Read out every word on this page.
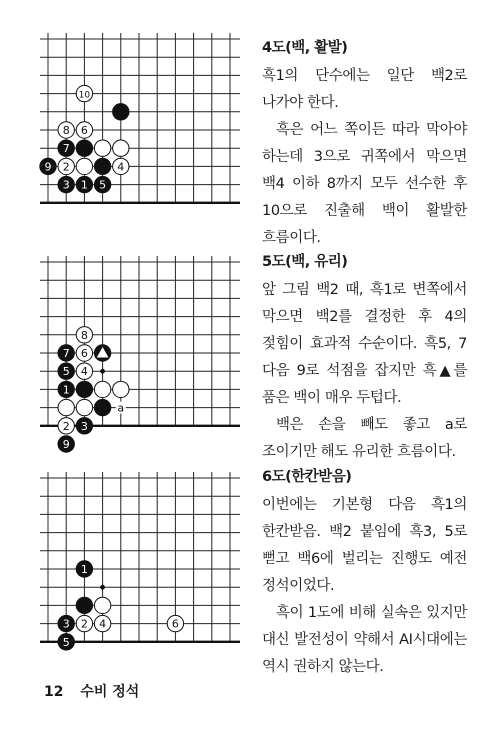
10
8 6
7
9 2	4
3 1 5
4도(백, 활발)

흑1의 단수에는 일단 백2로 나가야 한다.

흑은 어느 쪽이든 따라 막아야 하는데 3으로 귀쪽에서 막으면 백4 이하 8까지 모두 선수한 후 10으로 진출해 백이 활발한 흐름이다.

8
7 6
5 4
1
2 3
9
a
5도(백, 유리)

앞 그림 백2 때, 흑1로 변쪽에서 막으면 백2를 결정한 후 4의 젖힘이 효과적 수순이다. 흑5, 7 다음 9로 석점을 잡지만 흑▲를 품은 백이 매우 두텁다.

백은 손을 빼도 좋고 a로 조이기만 해도 유리한 흐름이다.

1
3 2 4	6
5
6도(한칸받음)

이번에는 기본형 다음 흑1의 한칸받음. 백2 붙임에 흑3, 5로 뻗고 백6에 벌리는 진행도 예전 정석이었다.

흑이 1도에 비해 실속은 있지만 대신 발전성이 약해서 AI시대에는 역시 권하지 않는다.

12 수비 정석
